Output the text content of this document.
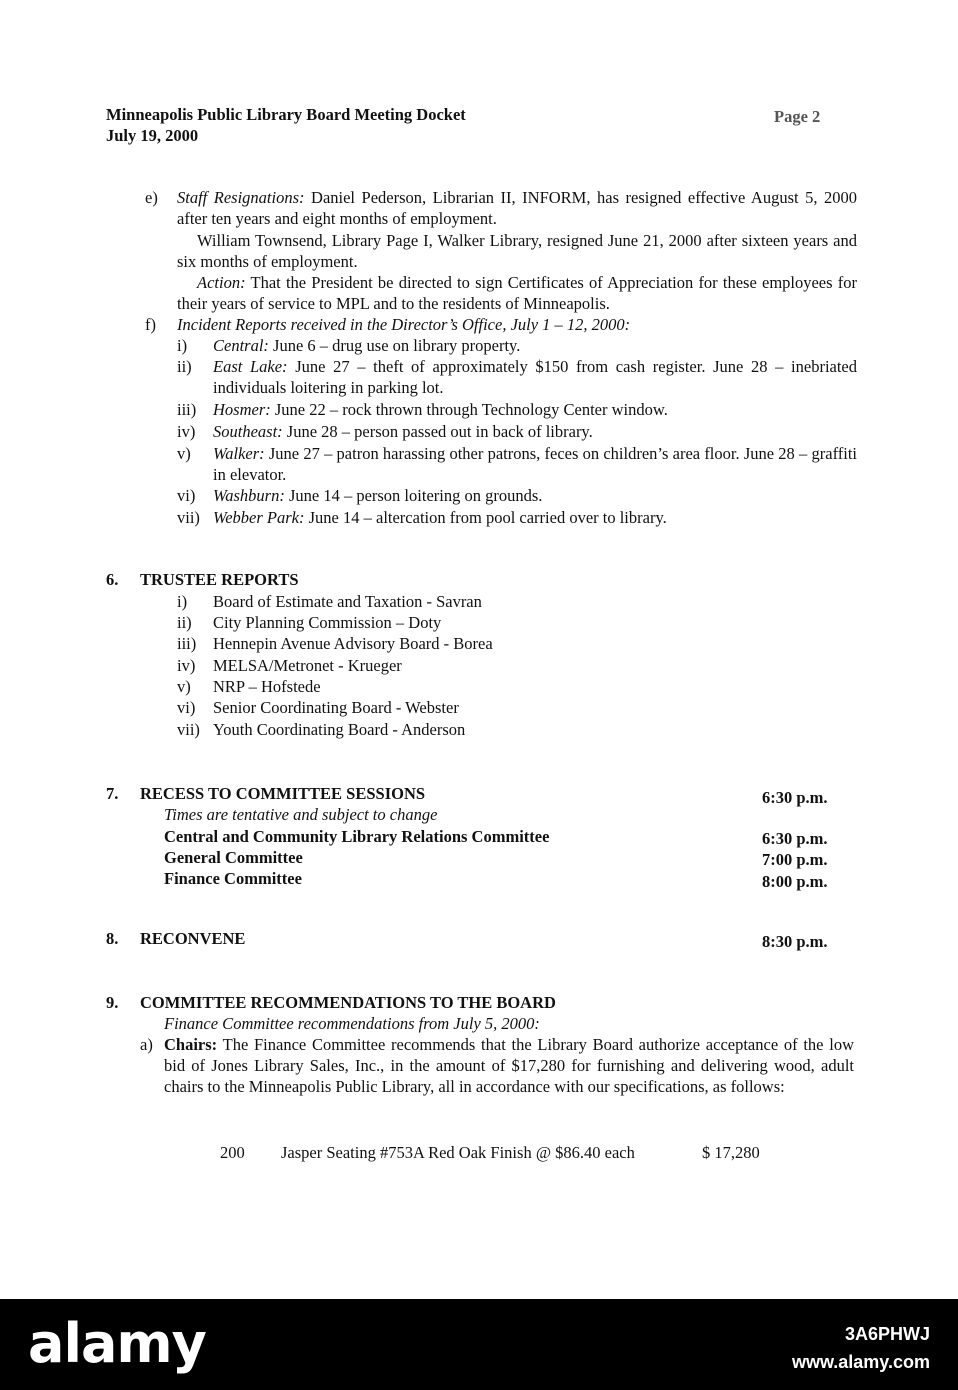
Minneapolis Public Library Board Meeting Docket
July 19, 2000
Page 2
e) Staff Resignations: Daniel Pederson, Librarian II, INFORM, has resigned effective August 5, 2000 after ten years and eight months of employment.
William Townsend, Library Page I, Walker Library, resigned June 21, 2000 after sixteen years and six months of employment.
Action: That the President be directed to sign Certificates of Appreciation for these employees for their years of service to MPL and to the residents of Minneapolis.
f) Incident Reports received in the Director’s Office, July 1 – 12, 2000:
i) Central: June 6 – drug use on library property.
ii) East Lake: June 27 – theft of approximately $150 from cash register. June 28 – inebriated individuals loitering in parking lot.
iii) Hosmer: June 22 – rock thrown through Technology Center window.
iv) Southeast: June 28 – person passed out in back of library.
v) Walker: June 27 – patron harassing other patrons, feces on children’s area floor. June 28 – graffiti in elevator.
vi) Washburn: June 14 – person loitering on grounds.
vii) Webber Park: June 14 – altercation from pool carried over to library.
6. TRUSTEE REPORTS
i) Board of Estimate and Taxation - Savran
ii) City Planning Commission – Doty
iii) Hennepin Avenue Advisory Board - Borea
iv) MELSA/Metronet - Krueger
v) NRP – Hofstede
vi) Senior Coordinating Board - Webster
vii) Youth Coordinating Board - Anderson
7. RECESS TO COMMITTEE SESSIONS	6:30 p.m.
Times are tentative and subject to change
Central and Community Library Relations Committee	6:30 p.m.
General Committee	7:00 p.m.
Finance Committee	8:00 p.m.
8. RECONVENE	8:30 p.m.
9. COMMITTEE RECOMMENDATIONS TO THE BOARD
Finance Committee recommendations from July 5, 2000:
a) Chairs: The Finance Committee recommends that the Library Board authorize acceptance of the low bid of Jones Library Sales, Inc., in the amount of $17,280 for furnishing and delivering wood, adult chairs to the Minneapolis Public Library, all in accordance with our specifications, as follows:
200 Jasper Seating #753A Red Oak Finish @ $86.40 each	$ 17,280
alamy	3A6PHWJ
www.alamy.com
